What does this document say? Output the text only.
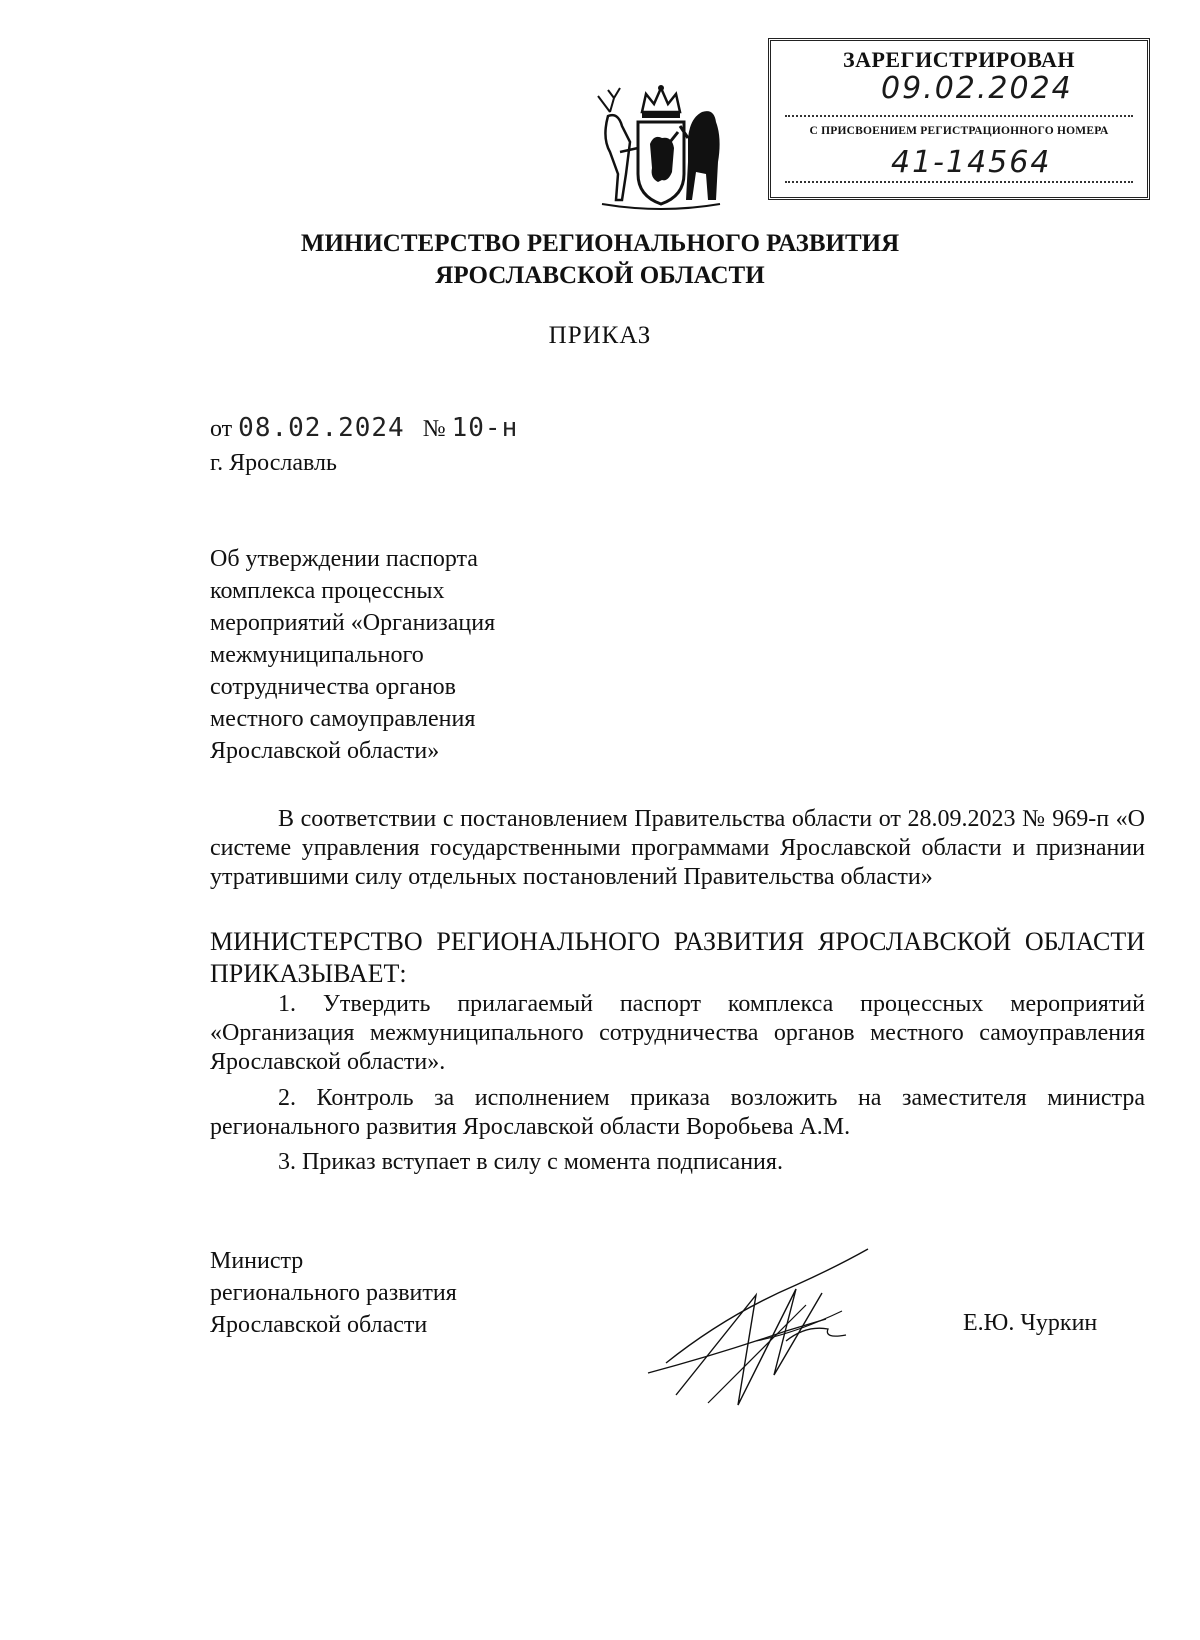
ЗАРЕГИСТРИРОВАН
09.02.2024
С ПРИСВОЕНИЕМ РЕГИСТРАЦИОННОГО НОМЕРА
41-14564
МИНИСТЕРСТВО РЕГИОНАЛЬНОГО РАЗВИТИЯ
ЯРОСЛАВСКОЙ ОБЛАСТИ
ПРИКАЗ
от 08.02.2024 № 10-н
г. Ярославль
Об утверждении паспорта
комплекса процессных
мероприятий «Организация
межмуниципального
сотрудничества органов
местного самоуправления
Ярославской области»
В соответствии с постановлением Правительства области от 28.09.2023 № 969-п «О системе управления государственными программами Ярославской области и признании утратившими силу отдельных постановлений Правительства области»
МИНИСТЕРСТВО РЕГИОНАЛЬНОГО РАЗВИТИЯ ЯРОСЛАВСКОЙ ОБЛАСТИ ПРИКАЗЫВАЕТ:
1. Утвердить прилагаемый паспорт комплекса процессных мероприятий «Организация межмуниципального сотрудничества органов местного самоуправления Ярославской области».
2. Контроль за исполнением приказа возложить на заместителя министра регионального развития Ярославской области Воробьева А.М.
3. Приказ вступает в силу с момента подписания.
Министр
регионального развития
Ярославской области	Е.Ю. Чуркин
